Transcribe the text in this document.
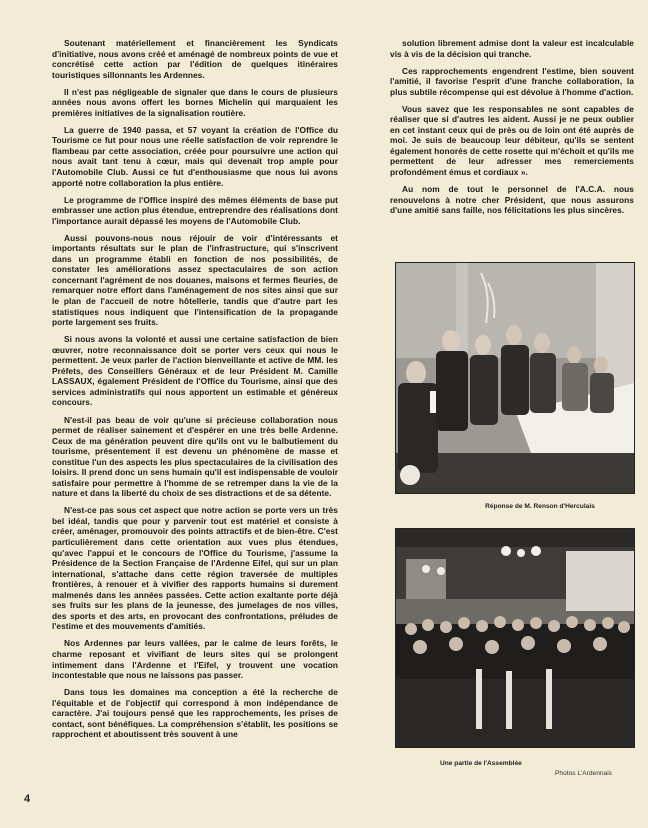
Soutenant matériellement et financièrement les Syndicats d'initiative, nous avons créé et aménagé de nombreux points de vue et concrétisé cette action par l'édition de quelques itinéraires touristiques sillonnants les Ardennes.

Il n'est pas négligeable de signaler que dans le cours de plusieurs années nous avons offert les bornes Michelin qui marquaient les premières initiatives de la signalisation routière.

La guerre de 1940 passa, et 57 voyant la création de l'Office du Tourisme ce fut pour nous une réelle satisfaction de voir reprendre le flambeau par cette association, créée pour poursuivre une action qui nous avait tant tenu à cœur, mais qui devenait trop ample pour l'Automobile Club. Aussi ce fut d'enthousiasme que nous lui avons apporté notre collaboration la plus entière.

Le programme de l'Office inspiré des mêmes éléments de base put embrasser une action plus étendue, entreprendre des réalisations dont l'importance aurait dépassé les moyens de l'Automobile Club.

Aussi pouvons-nous nous réjouir de voir d'intéressants et importants résultats sur le plan de l'infrastructure, qui s'inscrivent dans un programme établi en fonction de nos possibilités, de constater les améliorations assez spectaculaires de son action concernant l'agrément de nos douanes, maisons et fermes fleuries, de remarquer notre effort dans l'aménagement de nos sites ainsi que sur le plan de l'accueil de notre hôtellerie, tandis que d'autre part les statistiques nous indiquent que l'intensification de la propagande porte largement ses fruits.

Si nous avons la volonté et aussi une certaine satisfaction de bien œuvrer, notre reconnaissance doit se porter vers ceux qui nous le permettent. Je veux parler de l'action bienveillante et active de MM. les Préfets, des Conseillers Généraux et de leur Président M. Camille LASSAUX, également Président de l'Office du Tourisme, ainsi que des services administratifs qui nous apportent un estimable et généreux concours.

N'est-il pas beau de voir qu'une si précieuse collaboration nous permet de réaliser sainement et d'espérer en une très belle Ardenne. Ceux de ma génération peuvent dire qu'ils ont vu le balbutiement du tourisme, présentement il est devenu un phénomène de masse et constitue l'un des aspects les plus spectaculaires de la civilisation des loisirs. Il prend donc un sens humain qu'il est indispensable de vouloir satisfaire pour permettre à l'homme de se retremper dans la vie de la nature et dans la liberté du choix de ses distractions et de sa détente.

N'est-ce pas sous cet aspect que notre action se porte vers un très bel idéal, tandis que pour y parvenir tout est matériel et consiste à créer, aménager, promouvoir des points attractifs et de bien-être. C'est particulièrement dans cette orientation aux vues plus étendues, qu'avec l'appui et le concours de l'Office du Tourisme, j'assume la Présidence de la Section Française de l'Ardenne Eifel, qui sur un plan international, s'attache dans cette région traversée de multiples frontières, à renouer et à vivifier des rapports humains si durement malmenés dans les années passées. Cette action exaltante porte déjà ses fruits sur les plans de la jeunesse, des jumelages de nos villes, des sports et des arts, en provocant des confrontations, préludes de l'estime et des mouvements d'amitiés.

Nos Ardennes par leurs vallées, par le calme de leurs forêts, le charme reposant et vivifiant de leurs sites qui se prolongent intimement dans l'Ardenne et l'Eifel, y trouvent une vocation incontestable que nous ne laissons pas passer.

Dans tous les domaines ma conception a été la recherche de l'équitable et de l'objectif qui correspond à mon indépendance de caractère. J'ai toujours pensé que les rapprochements, les prises de contact, sont bénéfiques. La compréhension s'établit, les positions se rapprochent et aboutissent très souvent à une

solution librement admise dont la valeur est incalculable vis à vis de la décision qui tranche.

Ces rapprochements engendrent l'estime, bien souvent l'amitié, il favorise l'esprit d'une franche collaboration, la plus subtile récompense qui est dévolue à l'homme d'action.

Vous savez que les responsables ne sont capables de réaliser que si d'autres les aident. Aussi je ne peux oublier en cet instant ceux qui de près ou de loin ont été auprès de moi. Je suis de beaucoup leur débiteur, qu'ils se sentent également honorés de cette rosette qui m'échoit et qu'ils me permettent de leur adresser mes remerciements profondément émus et cordiaux ».

Au nom de tout le personnel de l'A.C.A. nous renouvelons à notre cher Président, que nous assurons d'une amitié sans faille, nos félicitations les plus sincères.

Réponse de M. Renson d'Herculais
Une partie de l'Assemblée
Photos L'Ardennais
4
